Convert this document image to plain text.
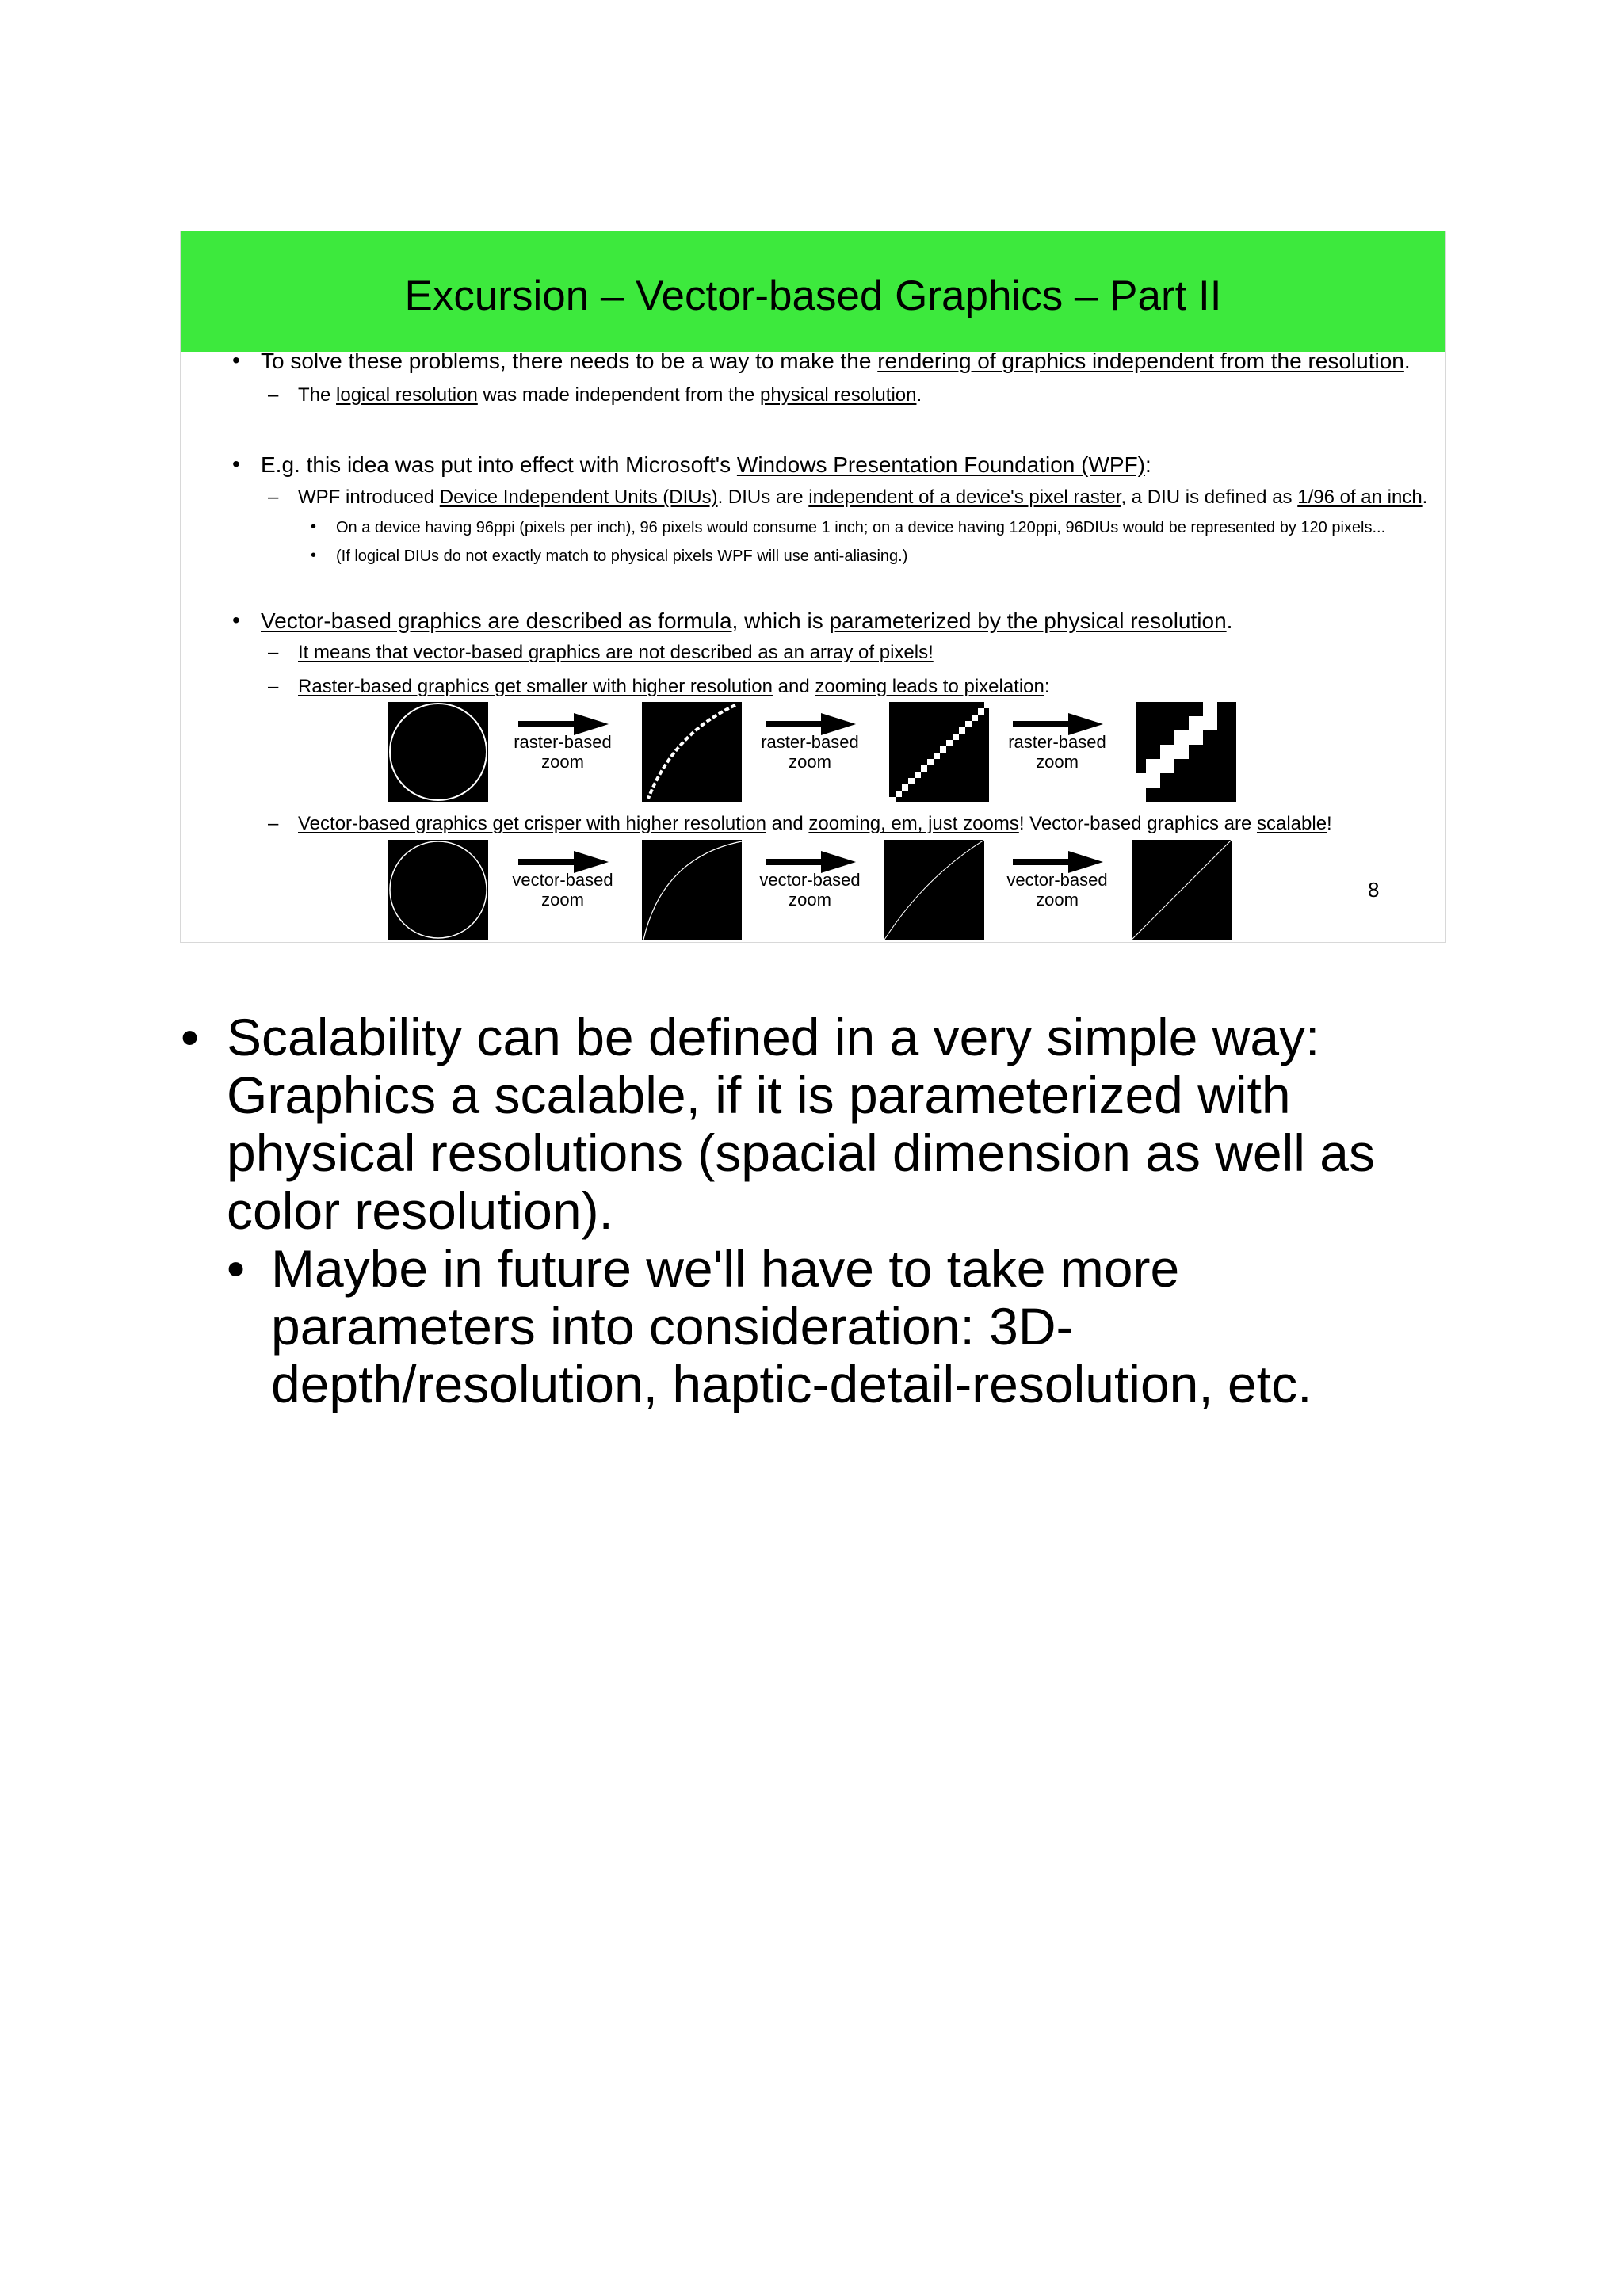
Excursion – Vector-based Graphics – Part II
• To solve these problems, there needs to be a way to make the rendering of graphics independent from the resolution.
– The logical resolution was made independent from the physical resolution.
• E.g. this idea was put into effect with Microsoft's Windows Presentation Foundation (WPF):
– WPF introduced Device Independent Units (DIUs). DIUs are independent of a device's pixel raster, a DIU is defined as 1/96 of an inch.
• On a device having 96ppi (pixels per inch), 96 pixels would consume 1 inch; on a device having 120ppi, 96DIUs would be represented by 120 pixels...
• (If logical DIUs do not exactly match to physical pixels WPF will use anti-aliasing.)
• Vector-based graphics are described as formula, which is parameterized by the physical resolution.
– It means that vector-based graphics are not described as an array of pixels!
– Raster-based graphics get smaller with higher resolution and zooming leads to pixelation:
raster-based
zoom
raster-based
zoom
raster-based
zoom
– Vector-based graphics get crisper with higher resolution and zooming, em, just zooms! Vector-based graphics are scalable!
vector-based
zoom
vector-based
zoom
vector-based
zoom	8
• Scalability can be defined in a very simple way:
Graphics a scalable, if it is parameterized with
physical resolutions (spacial dimension as well as
color resolution).
• Maybe in future we'll have to take more
parameters into consideration: 3D-
depth/resolution, haptic-detail-resolution, etc.
